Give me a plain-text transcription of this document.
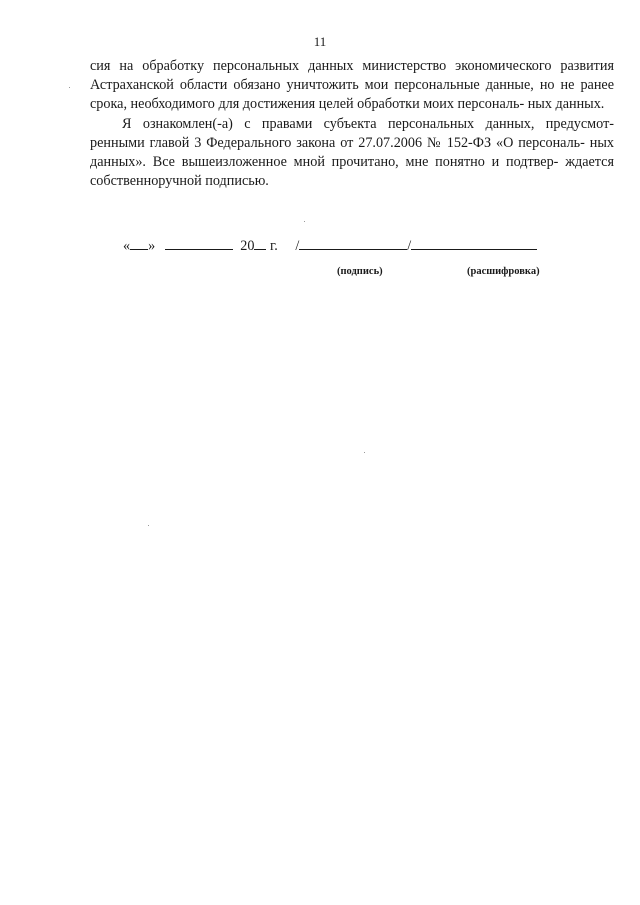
11

сия на обработку персональных данных министерство экономического развития Астраханской области обязано уничтожить мои персональные данные, но не ранее срока, необходимого для достижения целей обработки моих персональ- ных данных.

Я ознакомлен(-а) с правами субъекта персональных данных, предусмот- ренными главой 3 Федерального закона от 27.07.2006 № 152-ФЗ «О персональ- ных данных». Все вышеизложенное мной прочитано, мне понятно и подтвер- ждается собственноручной подписью.

« »	20 г. /	/
(подпись)	(расшифровка)
